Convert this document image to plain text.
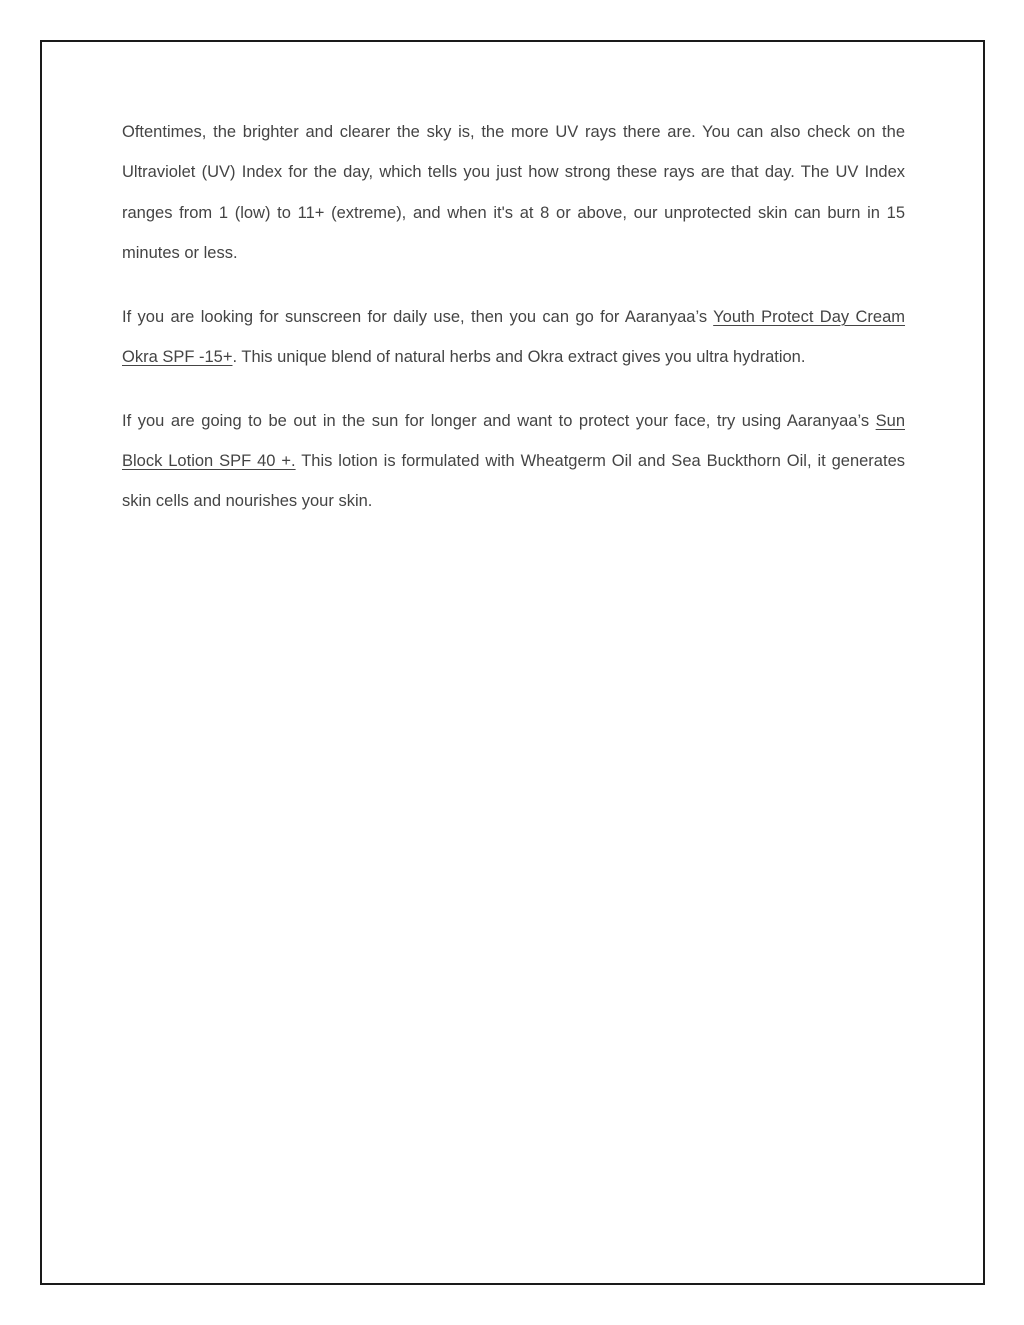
Oftentimes, the brighter and clearer the sky is, the more UV rays there are. You can also check on the Ultraviolet (UV) Index for the day, which tells you just how strong these rays are that day. The UV Index ranges from 1 (low) to 11+ (extreme), and when it's at 8 or above, our unprotected skin can burn in 15 minutes or less.

If you are looking for sunscreen for daily use, then you can go for Aaranyaa’s Youth Protect Day Cream Okra SPF -15+. This unique blend of natural herbs and Okra extract gives you ultra hydration.

If you are going to be out in the sun for longer and want to protect your face, try using Aaranyaa’s Sun Block Lotion SPF 40 +. This lotion is formulated with Wheatgerm Oil and Sea Buckthorn Oil, it generates skin cells and nourishes your skin.
